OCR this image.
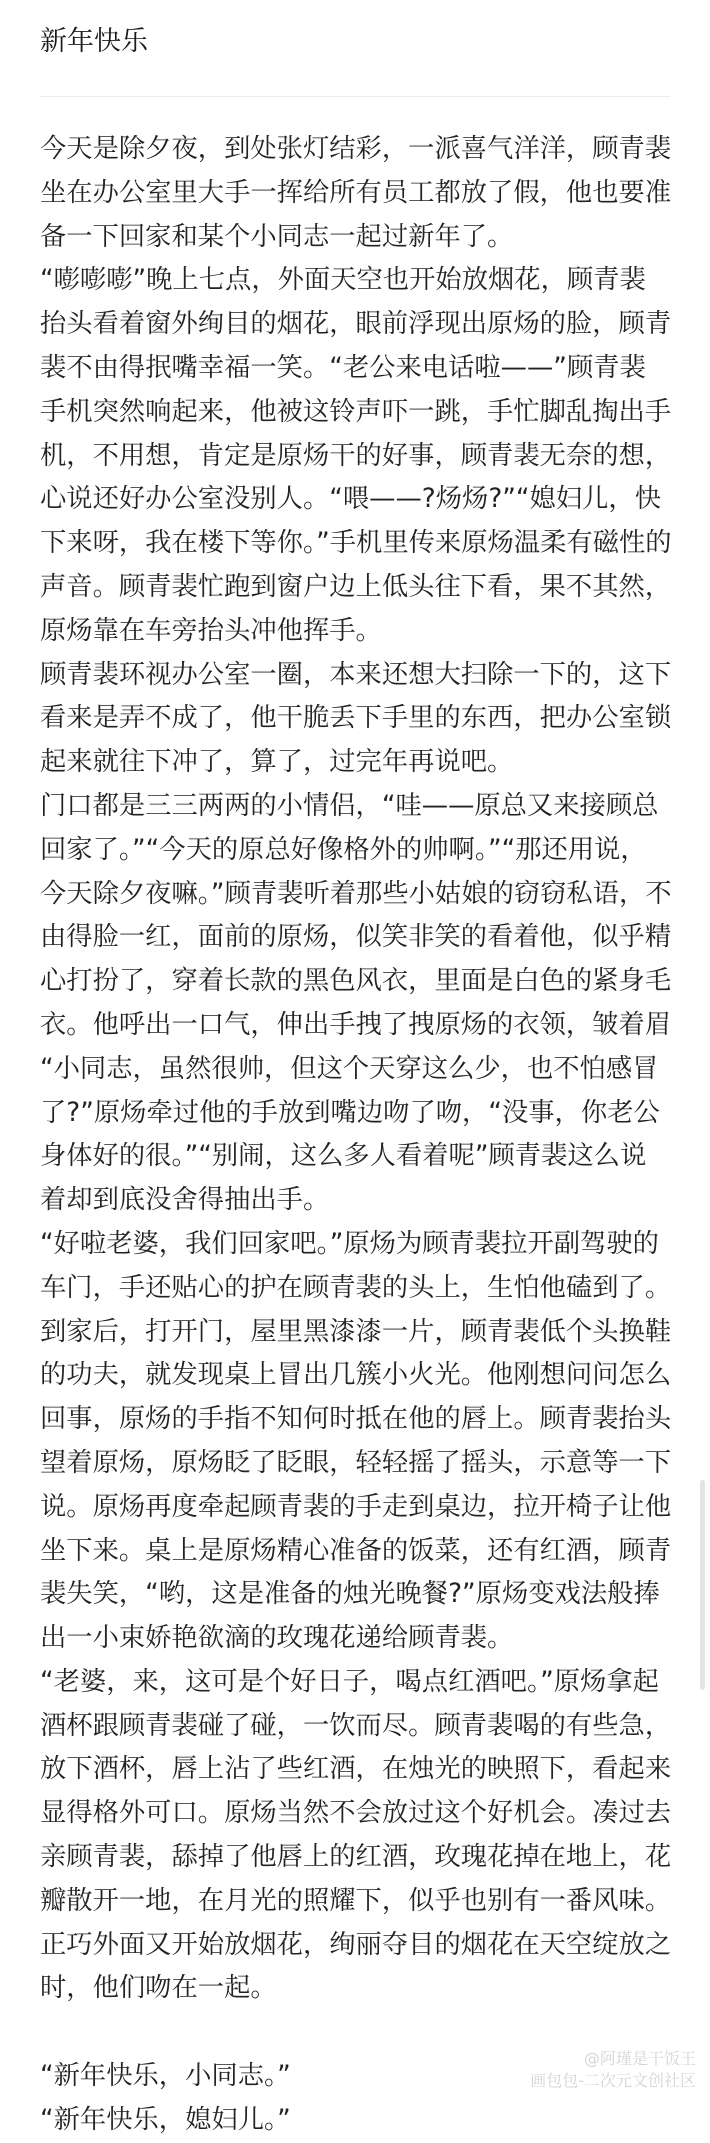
新年快乐

今天是除夕夜，到处张灯结彩，一派喜气洋洋，顾青裴坐在办公室里大手一挥给所有员工都放了假，他也要准备一下回家和某个小同志一起过新年了。

“嘭嘭嘭”晚上七点，外面天空也开始放烟花，顾青裴抬头看着窗外绚目的烟花，眼前浮现出原炀的脸，顾青裴不由得抿嘴幸福一笑。“老公来电话啦——”顾青裴手机突然响起来，他被这铃声吓一跳，手忙脚乱掏出手机，不用想，肯定是原炀干的好事，顾青裴无奈的想，心说还好办公室没别人。“喂——?炀炀?”“媳妇儿，快下来呀，我在楼下等你。”手机里传来原炀温柔有磁性的声音。顾青裴忙跑到窗户边上低头往下看，果不其然，原炀靠在车旁抬头冲他挥手。

顾青裴环视办公室一圈，本来还想大扫除一下的，这下看来是弄不成了，他干脆丢下手里的东西，把办公室锁起来就往下冲了，算了，过完年再说吧。

门口都是三三两两的小情侣，“哇——原总又来接顾总回家了。”“今天的原总好像格外的帅啊。”“那还用说，今天除夕夜嘛。”顾青裴听着那些小姑娘的窃窃私语，不由得脸一红，面前的原炀，似笑非笑的看着他，似乎精心打扮了，穿着长款的黑色风衣，里面是白色的紧身毛衣。他呼出一口气，伸出手拽了拽原炀的衣领，皱着眉“小同志，虽然很帅，但这个天穿这么少，也不怕感冒了?”原炀牵过他的手放到嘴边吻了吻，“没事，你老公身体好的很。”“别闹，这么多人看着呢”顾青裴这么说着却到底没舍得抽出手。

“好啦老婆，我们回家吧。”原炀为顾青裴拉开副驾驶的车门，手还贴心的护在顾青裴的头上，生怕他磕到了。

到家后，打开门，屋里黑漆漆一片，顾青裴低个头换鞋的功夫，就发现桌上冒出几簇小火光。他刚想问问怎么回事，原炀的手指不知何时抵在他的唇上。顾青裴抬头望着原炀，原炀眨了眨眼，轻轻摇了摇头，示意等一下说。原炀再度牵起顾青裴的手走到桌边，拉开椅子让他坐下来。桌上是原炀精心准备的饭菜，还有红酒，顾青裴失笑，“哟，这是准备的烛光晚餐?”原炀变戏法般捧出一小束娇艳欲滴的玫瑰花递给顾青裴。

“老婆，来，这可是个好日子，喝点红酒吧。”原炀拿起酒杯跟顾青裴碰了碰，一饮而尽。顾青裴喝的有些急，放下酒杯，唇上沾了些红酒，在烛光的映照下，看起来显得格外可口。原炀当然不会放过这个好机会。凑过去亲顾青裴，舔掉了他唇上的红酒，玫瑰花掉在地上，花瓣散开一地，在月光的照耀下，似乎也别有一番风味。正巧外面又开始放烟花，绚丽夺目的烟花在天空绽放之时，他们吻在一起。

“新年快乐，小同志。”

“新年快乐，媳妇儿。”

@阿瑾是干饭王
画包包-二次元文创社区
